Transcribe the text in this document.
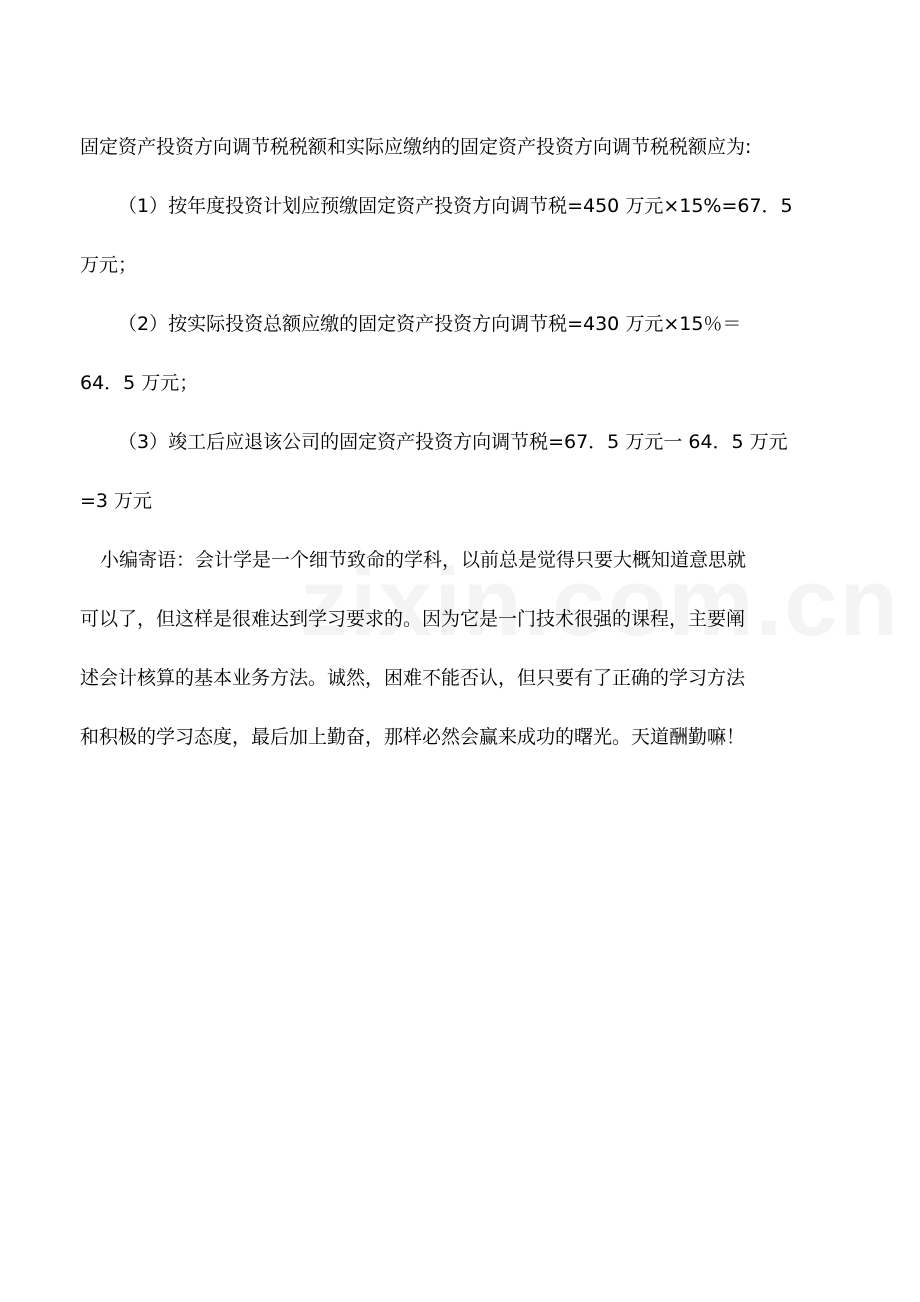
固定资产投资方向调节税税额和实际应缴纳的固定资产投资方向调节税税额应为:
（1）按年度投资计划应预缴固定资产投资方向调节税=450 万元×15%=67．5
万元；
（2）按实际投资总额应缴的固定资产投资方向调节税=430 万元×15％＝
64．5 万元；
（3）竣工后应退该公司的固定资产投资方向调节税=67．5 万元一 64．5 万元
=3 万元
小编寄语：会计学是一个细节致命的学科，以前总是觉得只要大概知道意思就
可以了，但这样是很难达到学习要求的。因为它是一门技术很强的课程，主要阐
述会计核算的基本业务方法。诚然，困难不能否认，但只要有了正确的学习方法
和积极的学习态度，最后加上勤奋，那样必然会赢来成功的曙光。天道酬勤嘛！
